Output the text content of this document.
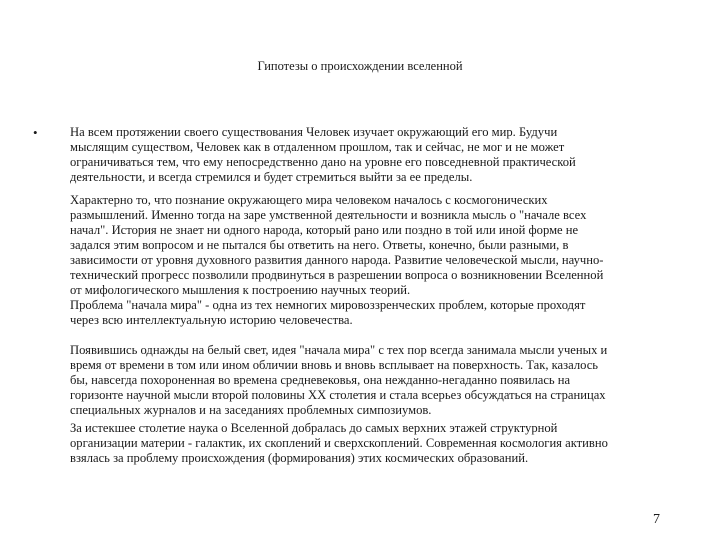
Гипотезы о происхождении вселенной
•	На всем протяжении своего существования Человек изучает окружающий его мир. Будучи
мыслящим существом, Человек как в отдаленном прошлом, так и сейчас, не мог и не может
ограничиваться тем, что ему непосредственно дано на уровне его повседневной практической
деятельности, и всегда стремился и будет стремиться выйти за ее пределы.
Характерно то, что познание окружающего мира человеком началось с космогонических
размышлений. Именно тогда на заре умственной деятельности и возникла мысль о "начале всех
начал". История не знает ни одного народа, который рано или поздно в той или иной форме не
задался этим вопросом и не пытался бы ответить на него. Ответы, конечно, были разными, в
зависимости от уровня духовного развития данного народа. Развитие человеческой мысли, научно-
технический прогресс позволили продвинуться в разрешении вопроса о возникновении Вселенной
от мифологического мышления к построению научных теорий.
Проблема "начала мира" - одна из тех немногих мировоззренческих проблем, которые проходят
через всю интеллектуальную историю человечества.
Появившись однажды на белый свет, идея "начала мира" с тех пор всегда занимала мысли ученых и
время от времени в том или ином обличии вновь и вновь всплывает на поверхность. Так, казалось
бы, навсегда похороненная во времена средневековья, она нежданно-негаданно появилась на
горизонте научной мысли второй половины XX столетия и стала всерьез обсуждаться на страницах
специальных журналов и на заседаниях проблемных симпозиумов.
За истекшее столетие наука о Вселенной добралась до самых верхних этажей структурной
организации материи - галактик, их скоплений и сверхскоплений. Современная космология активно
взялась за проблему происхождения (формирования) этих космических образований.
7
